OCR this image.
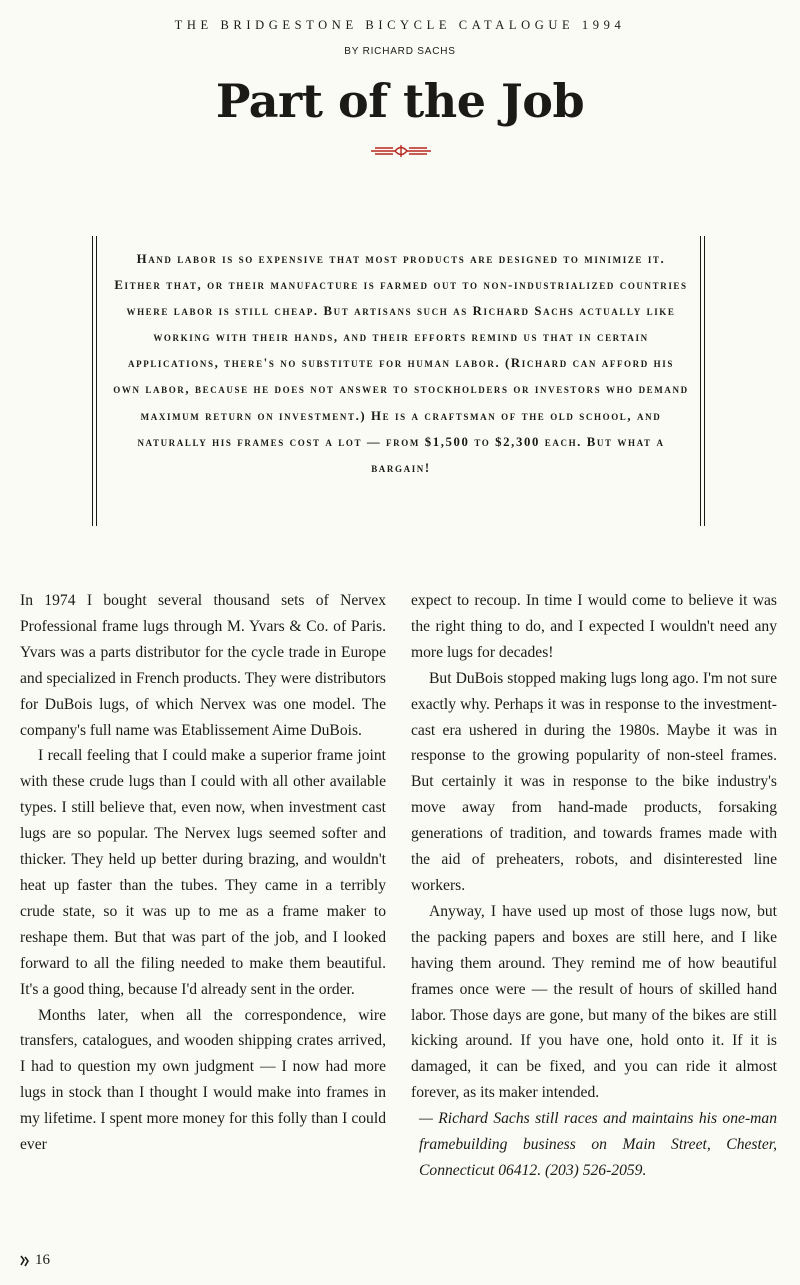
THE BRIDGESTONE BICYCLE CATALOGUE 1994
BY RICHARD SACHS
Part of the Job
Hand labor is so expensive that most products are designed to minimize it. Either that, or their manufacture is farmed out to non-industrialized countries where labor is still cheap. But artisans such as Richard Sachs actually like working with their hands, and their efforts remind us that in certain applications, there's no substitute for human labor. (Richard can afford his own labor, because he does not answer to stockholders or investors who demand maximum return on investment.) He is a craftsman of the old school, and naturally his frames cost a lot — from $1,500 to $2,300 each. But what a bargain!

In 1974 I bought several thousand sets of Nervex Professional frame lugs through M. Yvars & Co. of Paris. Yvars was a parts distributor for the cycle trade in Europe and specialized in French products. They were distributors for DuBois lugs, of which Nervex was one model. The company's full name was Etablissement Aime DuBois.

I recall feeling that I could make a superior frame joint with these crude lugs than I could with all other available types. I still believe that, even now, when investment cast lugs are so popular. The Nervex lugs seemed softer and thicker. They held up better during brazing, and wouldn't heat up faster than the tubes. They came in a terribly crude state, so it was up to me as a frame maker to reshape them. But that was part of the job, and I looked forward to all the filing needed to make them beautiful. It's a good thing, because I'd already sent in the order.

Months later, when all the correspondence, wire transfers, catalogues, and wooden shipping crates arrived, I had to question my own judgment — I now had more lugs in stock than I thought I would make into frames in my lifetime. I spent more money for this folly than I could ever

expect to recoup. In time I would come to believe it was the right thing to do, and I expected I wouldn't need any more lugs for decades!

But DuBois stopped making lugs long ago. I'm not sure exactly why. Perhaps it was in response to the investment-cast era ushered in during the 1980s. Maybe it was in response to the growing popularity of non-steel frames. But certainly it was in response to the bike industry's move away from hand-made products, forsaking generations of tradition, and towards frames made with the aid of preheaters, robots, and disinterested line workers.

Anyway, I have used up most of those lugs now, but the packing papers and boxes are still here, and I like having them around. They remind me of how beautiful frames once were — the result of hours of skilled hand labor. Those days are gone, but many of the bikes are still kicking around. If you have one, hold onto it. If it is damaged, it can be fixed, and you can ride it almost forever, as its maker intended.

— Richard Sachs still races and maintains his one-man framebuilding business on Main Street, Chester, Connecticut 06412. (203) 526-2059.

16
